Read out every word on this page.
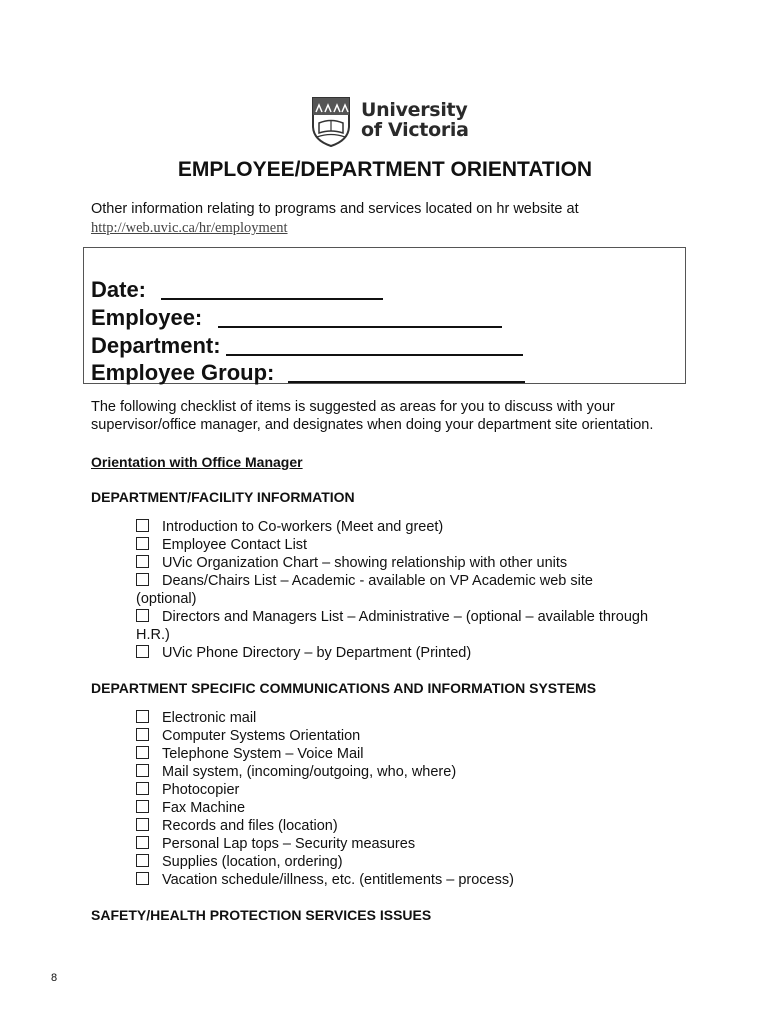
University
of Victoria
EMPLOYEE/DEPARTMENT ORIENTATION
Other information relating to programs and services located on hr website at
http://web.uvic.ca/hr/employment
Date:
Employee:
Department:
Employee Group:
The following checklist of items is suggested as areas for you to discuss with your
supervisor/office manager, and designates when doing your department site orientation.
Orientation with Office Manager
DEPARTMENT/FACILITY INFORMATION
Introduction to Co-workers (Meet and greet)
Employee Contact List
UVic Organization Chart – showing relationship with other units
Deans/Chairs List – Academic - available on VP Academic web site
(optional)
Directors and Managers List – Administrative – (optional – available through
H.R.)
UVic Phone Directory – by Department (Printed)
DEPARTMENT SPECIFIC COMMUNICATIONS AND INFORMATION SYSTEMS
Electronic mail
Computer Systems Orientation
Telephone System – Voice Mail
Mail system, (incoming/outgoing, who, where)
Photocopier
Fax Machine
Records and files (location)
Personal Lap tops – Security measures
Supplies (location, ordering)
Vacation schedule/illness, etc. (entitlements – process)
SAFETY/HEALTH PROTECTION SERVICES ISSUES
8
